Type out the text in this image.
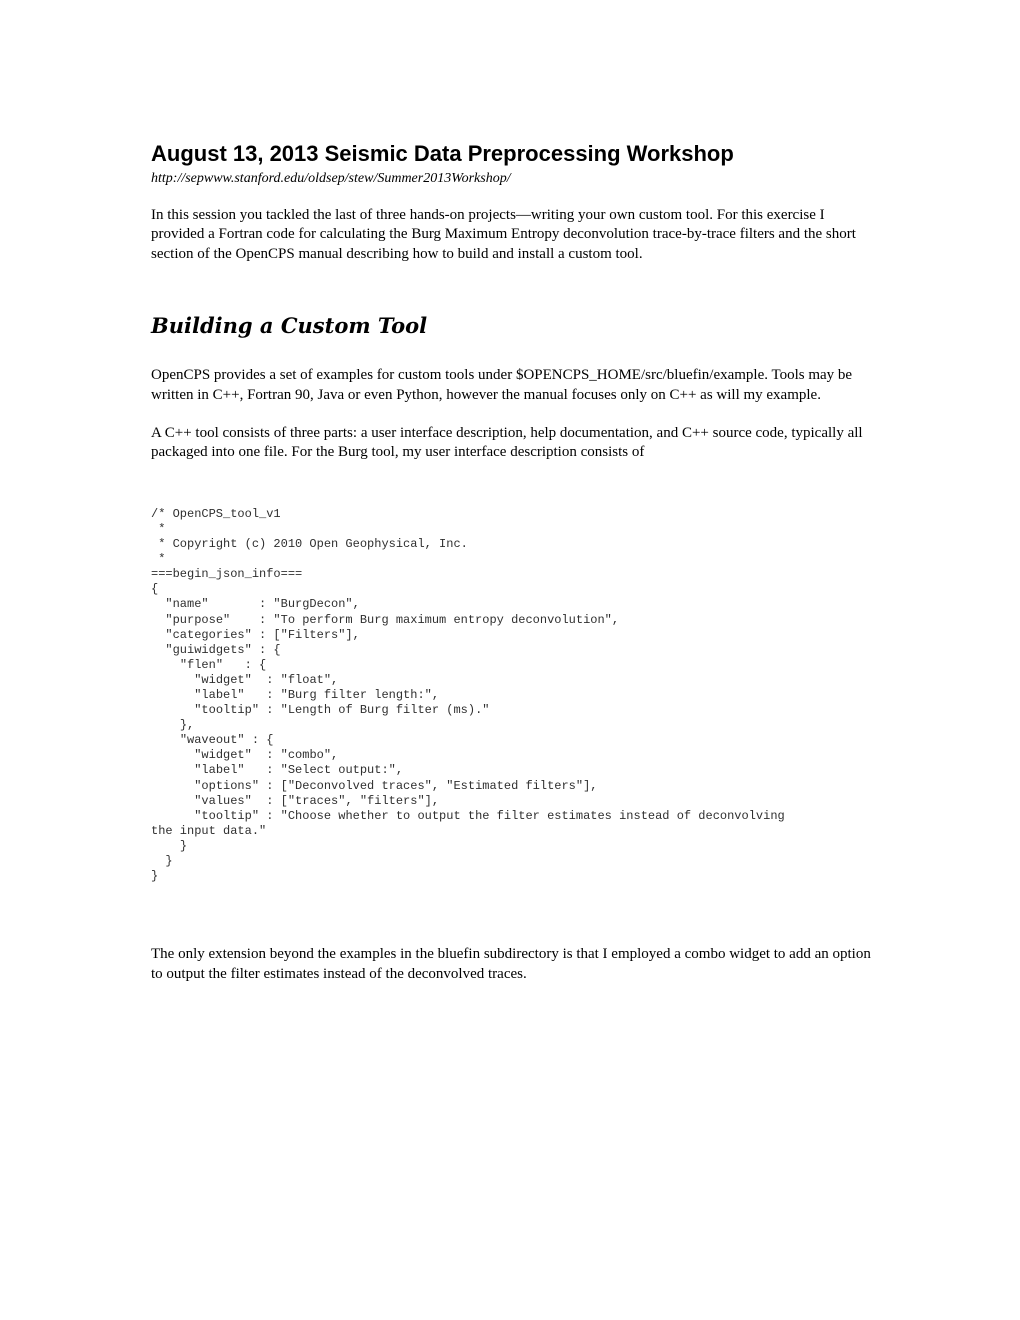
August 13, 2013 Seismic Data Preprocessing Workshop

http://sepwww.stanford.edu/oldsep/stew/Summer2013Workshop/

In this session you tackled the last of three hands-on projects—writing your own custom tool. For this exercise I provided a Fortran code for calculating the Burg Maximum Entropy deconvolution trace-by-trace filters and the short section of the OpenCPS manual describing how to build and install a custom tool.

Building a Custom Tool

OpenCPS provides a set of examples for custom tools under $OPENCPS_HOME/src/bluefin/example. Tools may be written in C++, Fortran 90, Java or even Python, however the manual focuses only on C++ as will my example.

A C++ tool consists of three parts: a user interface description, help documentation, and C++ source code, typically all packaged into one file. For the Burg tool, my user interface description consists of

/* OpenCPS_tool_v1
*
* Copyright (c) 2010 Open Geophysical, Inc.
*
===begin_json_info===
{
"name"       : "BurgDecon",
"purpose"    : "To perform Burg maximum entropy deconvolution",
"categories" : ["Filters"],
"guiwidgets" : {
"flen"   : {
"widget"  : "float",
"label"   : "Burg filter length:",
"tooltip" : "Length of Burg filter (ms)."
},
"waveout" : {
"widget"  : "combo",
"label"   : "Select output:",
"options" : ["Deconvolved traces", "Estimated filters"],
"values"  : ["traces", "filters"],
"tooltip" : "Choose whether to output the filter estimates instead of deconvolving
the input data."
}
}
}

The only extension beyond the examples in the bluefin subdirectory is that I employed a combo widget to add an option to output the filter estimates instead of the deconvolved traces.
